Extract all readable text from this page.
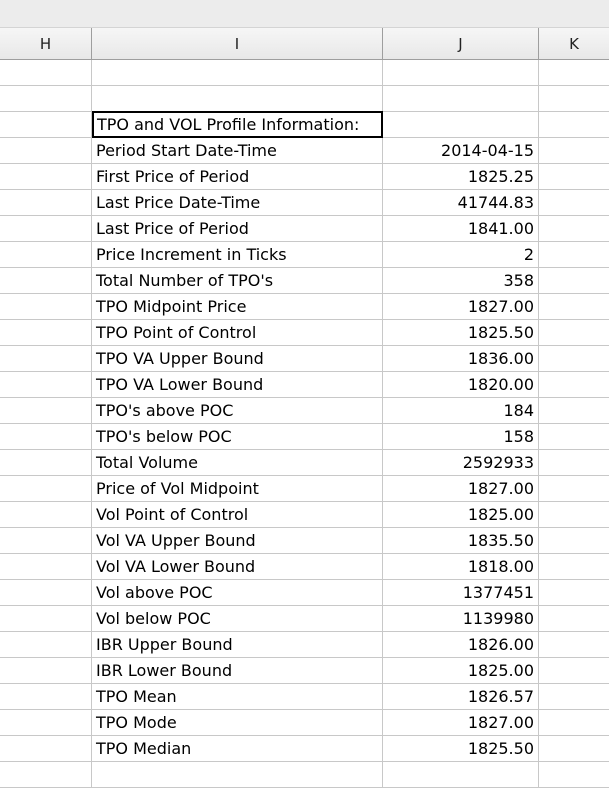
H	I	J	K
TPO and VOL Profile Information:
Period Start Date-Time	2014-04-15
First Price of Period	1825.25
Last Price Date-Time	41744.83
Last Price of Period	1841.00
Price Increment in Ticks	2
Total Number of TPO's	358
TPO Midpoint Price	1827.00
TPO Point of Control	1825.50
TPO VA Upper Bound	1836.00
TPO VA Lower Bound	1820.00
TPO's above POC	184
TPO's below POC	158
Total Volume	2592933
Price of Vol Midpoint	1827.00
Vol Point of Control	1825.00
Vol VA Upper Bound	1835.50
Vol VA Lower Bound	1818.00
Vol above POC	1377451
Vol below POC	1139980
IBR Upper Bound	1826.00
IBR Lower Bound	1825.00
TPO Mean	1826.57
TPO Mode	1827.00
TPO Median	1825.50
